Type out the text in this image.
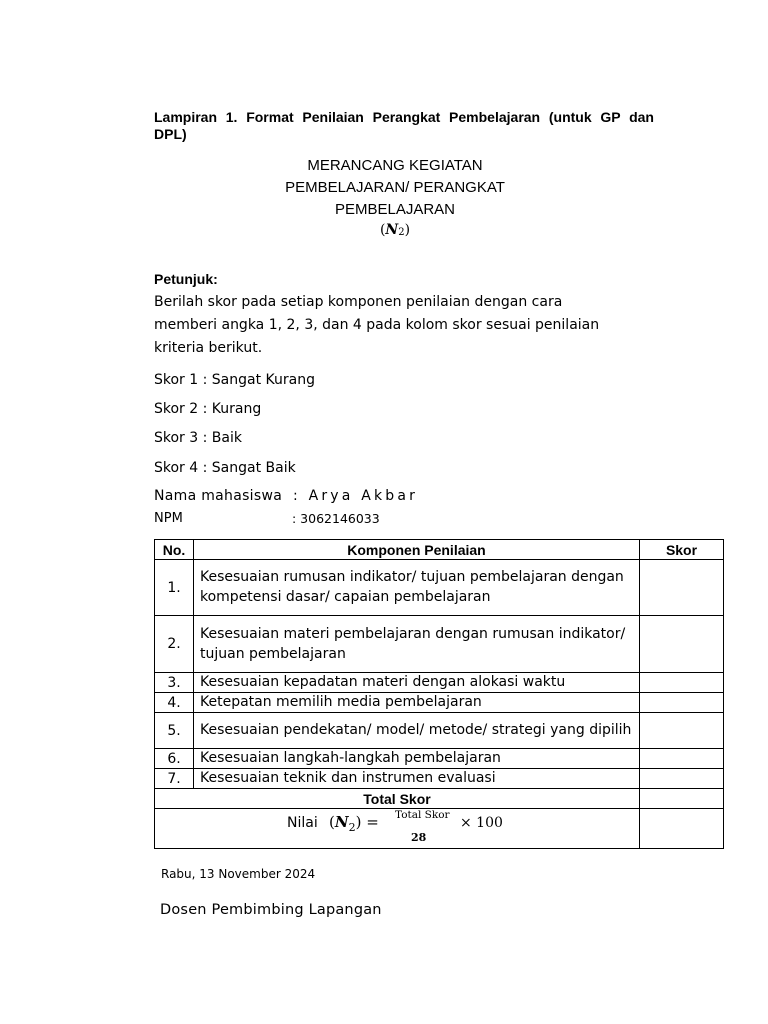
Lampiran 1. Format Penilaian Perangkat Pembelajaran (untuk GP dan
DPL)
MERANCANG KEGIATAN
PEMBELAJARAN/ PERANGKAT
PEMBELAJARAN
$(N_2)$
Petunjuk:
Berilah skor pada setiap komponen penilaian dengan cara memberi angka 1, 2, 3, dan 4 pada kolom skor sesuai penilaian kriteria berikut.
Skor 1 : Sangat Kurang
Skor 2 : Kurang
Skor 3 : Baik
Skor 4 : Sangat Baik
Nama mahasiswa : Arya Akbar
NPM	: 3062146033
No.	Komponen Penilaian	Skor
1.	Kesesuaian rumusan indikator/ tujuan pembelajaran dengan
kompetensi dasar/ capaian pembelajaran	

2.	Kesesuaian materi pembelajaran dengan rumusan indikator/
tujuan pembelajaran	

3.	Kesesuaian kepadatan materi dengan alokasi waktu	
4.	Ketepatan memilih media pembelajaran	
5.	Kesesuaian pendekatan/ model/ metode/ strategi yang dipilih	
6.	Kesesuaian langkah-langkah pembelajaran	
7.	Kesesuaian teknik dan instrumen evaluasi	
Total Skor		

Nilai $(N_2)$ = Total Skor
28
× 100		

Rabu, 13 November 2024
Dosen Pembimbing Lapangan
